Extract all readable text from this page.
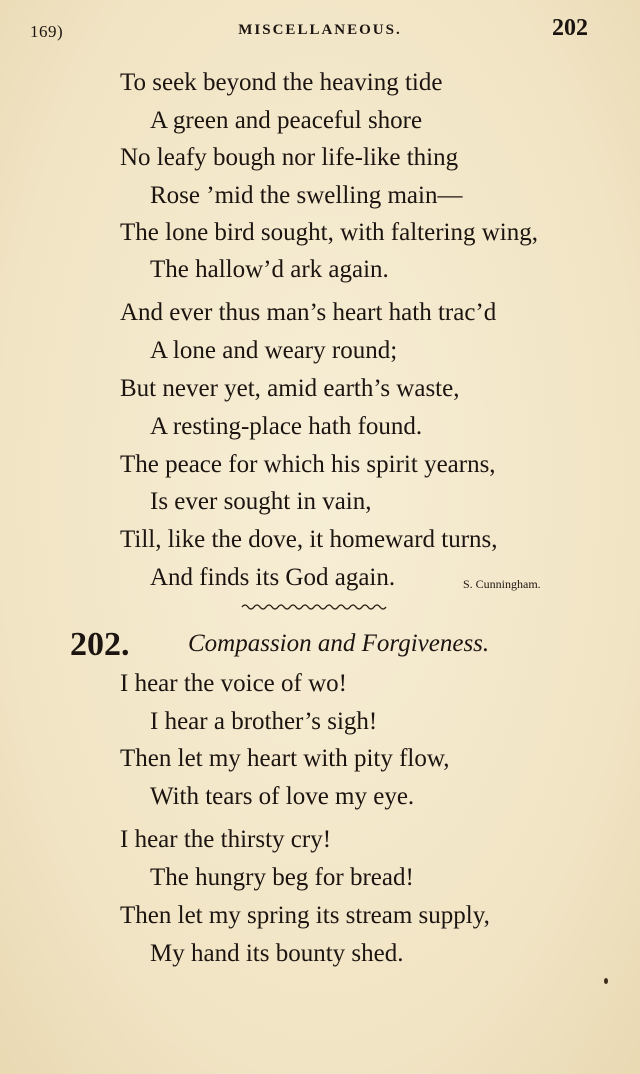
169)	MISCELLANEOUS.	202
To seek beyond the heaving tide
A green and peaceful shore
No leafy bough nor life-like thing
Rose ’mid the swelling main—
The lone bird sought, with faltering wing,
The hallow’d ark again.
And ever thus man’s heart hath trac’d
A lone and weary round;
But never yet, amid earth’s waste,
A resting-place hath found.
The peace for which his spirit yearns,
Is ever sought in vain,
Till, like the dove, it homeward turns,
And finds its God again.	S. Cunningham.
202. Compassion and Forgiveness.
I hear the voice of wo!
I hear a brother’s sigh!
Then let my heart with pity flow,
With tears of love my eye.
I hear the thirsty cry!
The hungry beg for bread!
Then let my spring its stream supply,
My hand its bounty shed.
